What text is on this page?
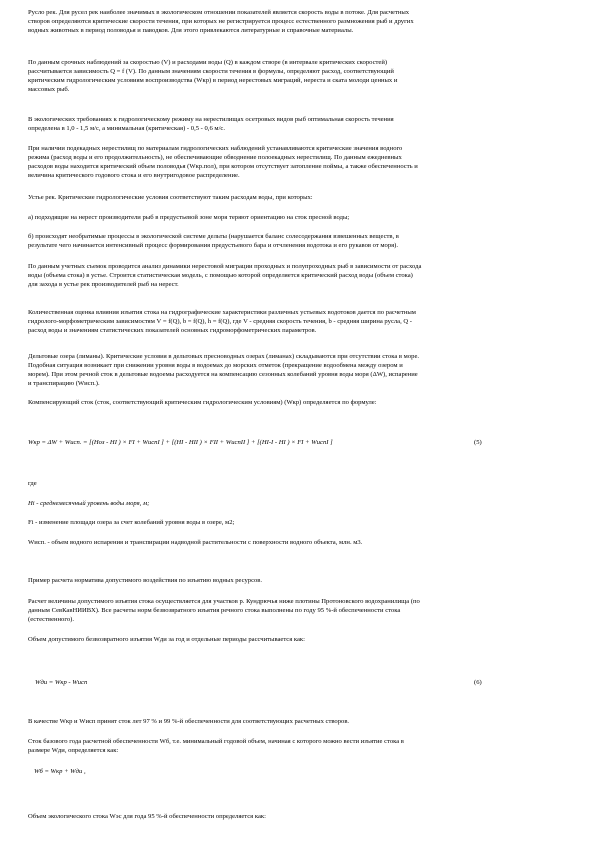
Русло рек. Для русел рек наиболее значимых в экологическом отношении показателей является скорость воды в потоке. Для расчетных
створов определяются критические скорости течения, при которых не регистрируется процесс естественного размножения рыб и других
водных животных в период половодья и паводков. Для этого привлекаются литературные и справочные материалы.

По данным срочных наблюдений за скоростью (V) и расходами воды (Q) в каждом створе (в интервале критических скоростей)
рассчитывается зависимость Q = f (V). По данным значениям скорости течения в формулы, определяют расход, соответствующий
критическим гидрологическим условиям воспроизводства (Wкр) в период нерестовых миграций, нереста и ската молоди ценных и
массовых рыб.

В экологических требованиях к гидрологическому режиму на нерестилищах осетровых видов рыб оптимальная скорость течения
определена в 1,0 - 1,5 м/с, а минимальная (критическая) - 0,5 - 0,6 м/с.

При наличии подекадных нерестилищ по материалам гидрологических наблюдений устанавливаются критические значения водного
режима (расход воды и его продолжительность), не обеспечивающие обводнение полоекадных нерестилищ. По данным ежедневных
расходов воды находится критический объем половодья (Wкр.пол), при котором отсутствует затопление поймы, а также обеспеченность и
величина критического годового стока и его внутригодовое распределение.

Устье рек. Критические гидрологические условия соответствуют таким расходам воды, при которых:

а) подходящие на нерест производители рыб в предустьевой зоне моря теряют ориентацию на сток пресной воды;

б) происходят необратимые процессы в экологической системе дельты (нарушается баланс солесодержания взвешенных веществ, в
результате чего начинается интенсивный процесс формирования предустьевого бара и отчленения водотока и его рукавов от моря).

По данным учетных съемок проводится анализ динамики нерестовой миграции проходных и полупроходных рыб в зависимости от расхода
воды (объема стока) в устье. Строится статистическая модель, с помощью которой определяется критический расход воды (объем стока)
для захода в устье рек производителей рыб на нерест.

Количественная оценка влияния изъятия стока на гидрографические характеристики различных устьевых водотоков дается по расчетным
гидролого-морфометрическим зависимостям V = f(Q), b = f(Q), h = f(Q), где V - средняя скорость течения, b - средняя ширина русла, Q -
расход воды и значениям статистических показателей основных гидроморфометрических параметров.

Дельтовые озера (лиманы). Критические условия в дельтовых пресноводных озерах (лиманах) складываются при отсутствии стока в море.
Подобная ситуация возникает при снижении уровня воды в водоемах до морских отметок (прекращение водообмена между озером и
морем). При этом речной сток в дельтовые водоемы расходуется на компенсацию сезонных колебаний уровня воды моря (ΔW), испарение
и транспирацию (Wисп.).

Компенсирующий сток (сток, соответствующий критическим гидрологическим условиям) (Wкр) определяется по формуле:

Wкр = ΔW + Wисп. = [(Hоз - HI ) × FI + WиспI ] + [(HI - HII ) × FII + WиспII ] + [(HI-I - HI ) × FI + WиспI ]	(5)

где

Hi - среднемесячный уровень воды моря, м;

Fi - изменение площади озера за счет колебаний уровня воды в озере, м2;

Wисп. - объем водного испарения и транспирации надводной растительности с поверхности водного объекта, млн. м3.

Пример расчета норматива допустимого воздействия по изъятию водных ресурсов.

Расчет величины допустимого изъятия стока осуществляется для участков р. Кундрючья ниже плотины Протоновского водохранилища (по
данным СевКавНИИВХ). Все расчеты норм безвозвратного изъятия речного стока выполнены по году 95 %-й обеспеченности стока
(естественного).

Объем допустимого безвозвратного изъятия Wди за год и отдельные периоды рассчитывается как:

Wди = Wкр - Wисп	(6)

В качестве Wкр и Wисп принят сток лет 97 % и 99 %-й обеспеченности для соответствующих расчетных створов.

Сток базового года расчетной обеспеченности Wб, т.е. минимальный годовой объем, начиная с которого можно вести изъятие стока в
размере Wди, определяется как:

Wб = Wкр + Wди ,

Объем экологического стока Wэс для года 95 %-й обеспеченности определяется как:
